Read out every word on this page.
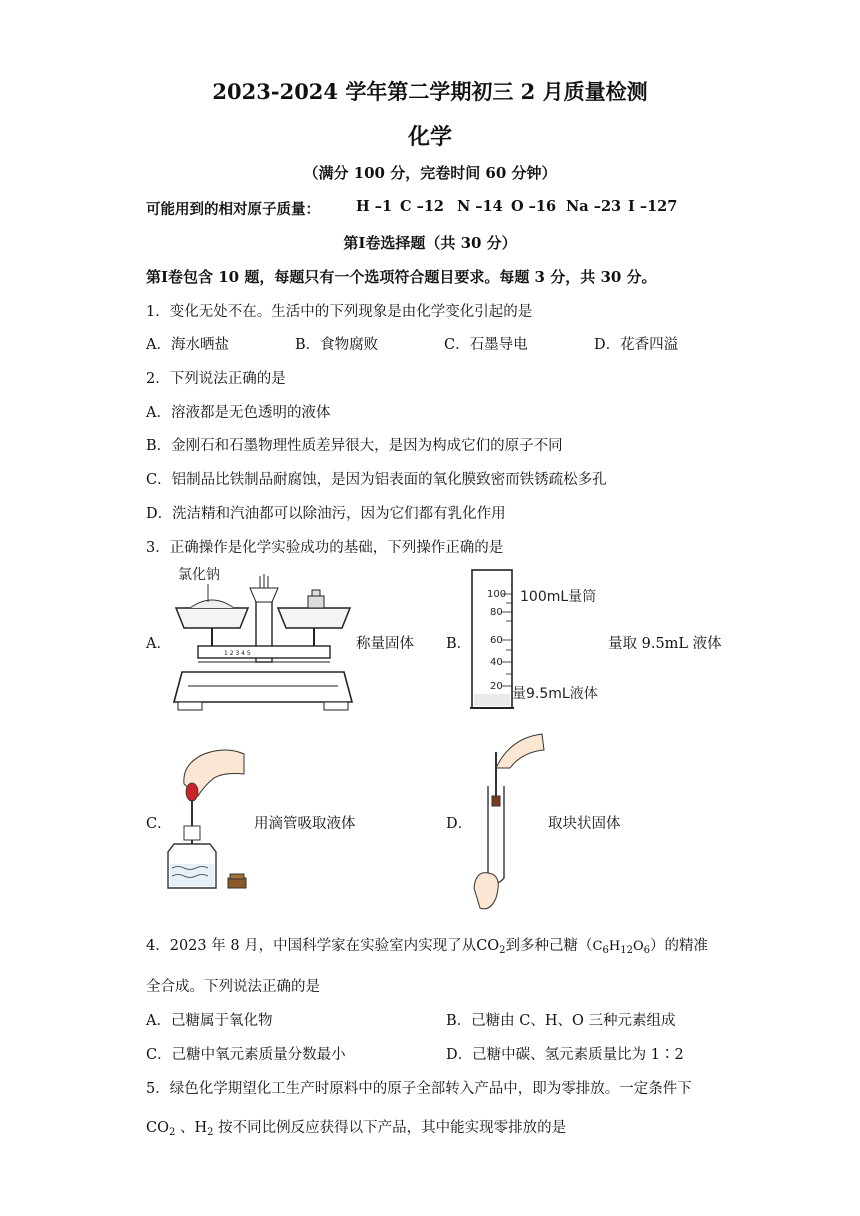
2023-2024 学年第二学期初三 2 月质量检测
化学
（满分 100 分，完卷时间 60 分钟）
可能用到的相对原子质量： H –1 C –12 N –14 O –16 Na –23 I –127
第Ⅰ卷选择题（共 30 分）
第Ⅰ卷包含 10 题，每题只有一个选项符合题目要求。每题 3 分，共 30 分。
1．变化无处不在。生活中的下列现象是由化学变化引起的是
A．海水晒盐	B．食物腐败	C．石墨导电	D．花香四溢
2．下列说法正确的是
A．溶液都是无色透明的液体
B．金刚石和石墨物理性质差异很大，是因为构成它们的原子不同
C．铝制品比铁制品耐腐蚀，是因为铝表面的氧化膜致密而铁锈疏松多孔
D．洗洁精和汽油都可以除油污，因为它们都有乳化作用
3．正确操作是化学实验成功的基础，下列操作正确的是
A．
氯化钠
1 2 3 4 5
称量固体 B．
100
80
60
40
20
100mL量筒
量9.5mL液体
量取 9.5mL 液体
C．	用滴管吸取液体	D．	取块状固体
4．2023 年 8 月，中国科学家在实验室内实现了从$CO_2$到多种己糖$(C_6H_{12}O_6)$的精准
全合成。下列说法正确的是
A．己糖属于氧化物	B．己糖由 C、H、O 三种元素组成
C．己糖中氧元素质量分数最小	D．己糖中碳、氢元素质量比为 1∶2
5．绿色化学期望化工生产时原料中的原子全部转入产品中，即为零排放。一定条件下
$CO_2$ 、$H_2$ 按不同比例反应获得以下产品，其中能实现零排放的是
